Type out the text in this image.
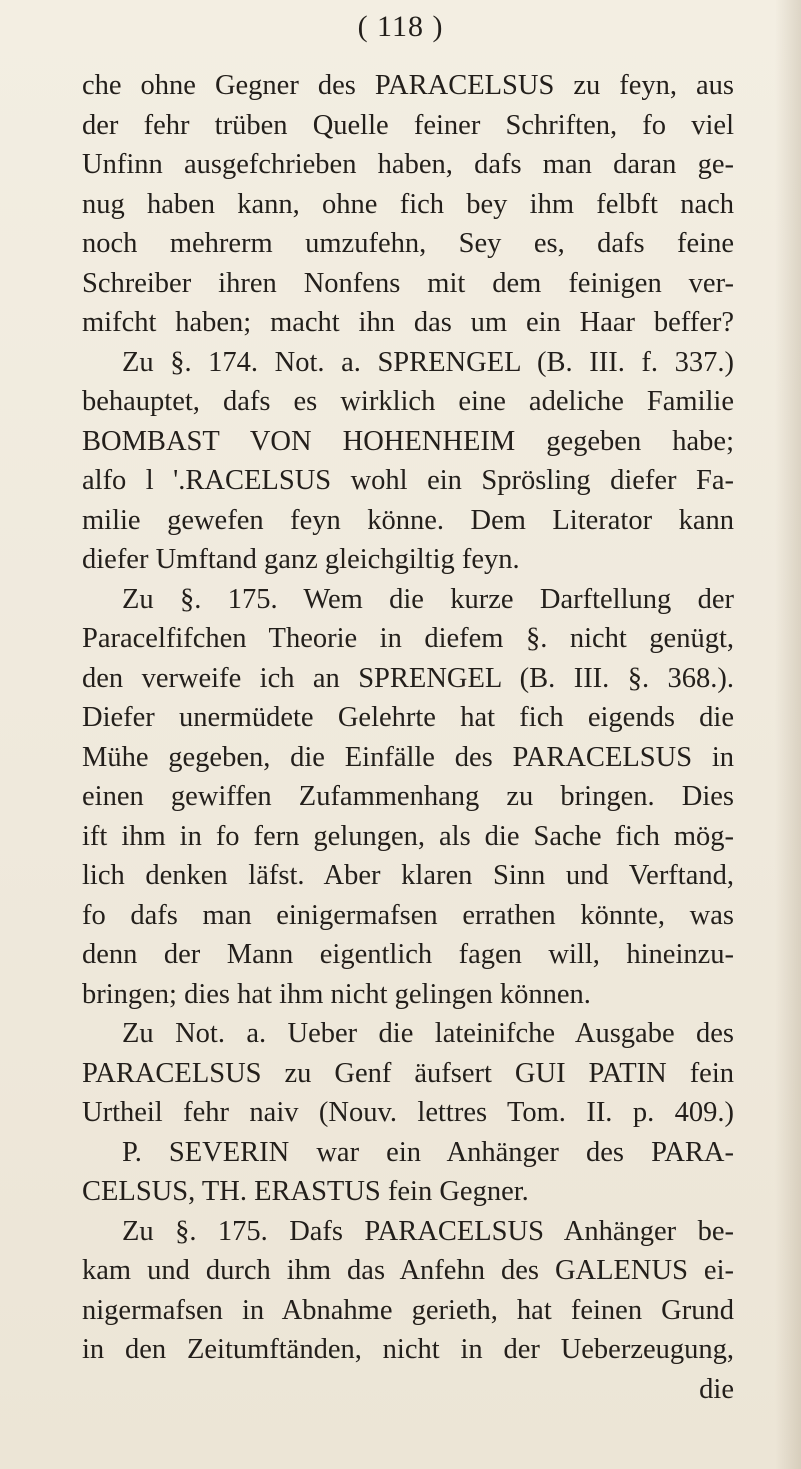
( 118 )
che ohne Gegner des PARACELSUS zu feyn, aus
der fehr trüben Quelle feiner Schriften, fo viel
Unfinn ausgefchrieben haben, dafs man daran ge-
nug haben kann, ohne fich bey ihm felbft nach
noch mehrerm umzufehn, Sey es, dafs feine
Schreiber ihren Nonfens mit dem feinigen ver-
mifcht haben; macht ihn das um ein Haar beffer?
Zu §. 174. Not. a. SPRENGEL (B. III. f. 337.)
behauptet, dafs es wirklich eine adeliche Familie
BOMBAST VON HOHENHEIM gegeben habe;
alfo l '.RACELSUS wohl ein Sprösling diefer Fa-
milie gewefen feyn könne. Dem Literator kann
diefer Umftand ganz gleichgiltig feyn.
Zu §. 175. Wem die kurze Darftellung der
Paracelfifchen Theorie in diefem §. nicht genügt,
den verweife ich an SPRENGEL (B. III. §. 368.).
Diefer unermüdete Gelehrte hat fich eigends die
Mühe gegeben, die Einfälle des PARACELSUS in
einen gewiffen Zufammenhang zu bringen. Dies
ift ihm in fo fern gelungen, als die Sache fich mög-
lich denken läfst. Aber klaren Sinn und Verftand,
fo dafs man einigermafsen errathen könnte, was
denn der Mann eigentlich fagen will, hineinzu-
bringen; dies hat ihm nicht gelingen können.
Zu Not. a. Ueber die lateinifche Ausgabe des
PARACELSUS zu Genf äufsert GUI PATIN fein
Urtheil fehr naiv (Nouv. lettres Tom. II. p. 409.)
P. SEVERIN war ein Anhänger des PARA-
CELSUS, TH. ERASTUS fein Gegner.
Zu §. 175. Dafs PARACELSUS Anhänger be-
kam und durch ihm das Anfehn des GALENUS ei-
nigermafsen in Abnahme gerieth, hat feinen Grund
in den Zeitumftänden, nicht in der Ueberzeugung,
die
